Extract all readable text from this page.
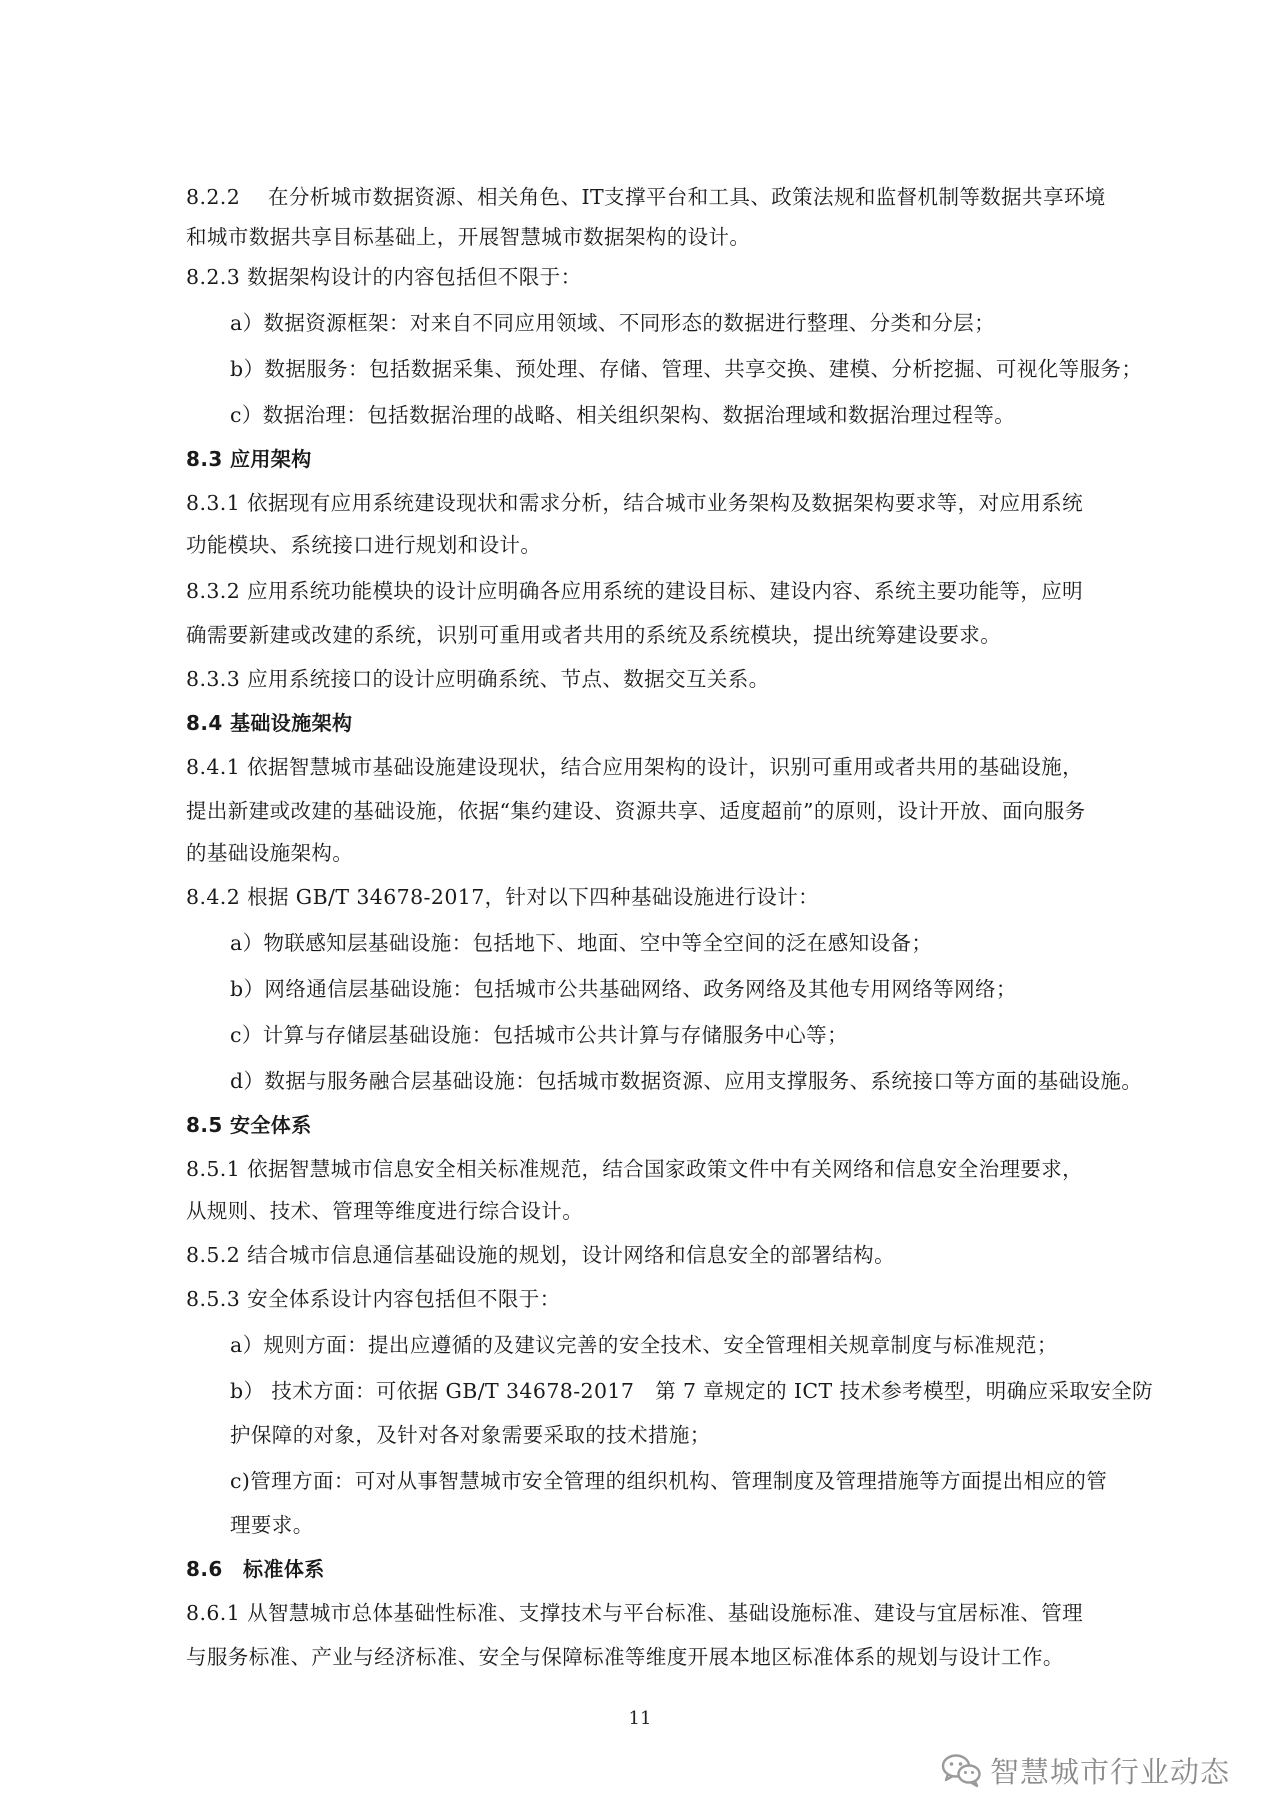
8.2.2　 在分析城市数据资源、相关角色、IT支撑平台和工具、政策法规和监督机制等数据共享环境
和城市数据共享目标基础上，开展智慧城市数据架构的设计。
8.2.3 数据架构设计的内容包括但不限于：
a）数据资源框架：对来自不同应用领域、不同形态的数据进行整理、分类和分层；
b）数据服务：包括数据采集、预处理、存储、管理、共享交换、建模、分析挖掘、可视化等服务；
c）数据治理：包括数据治理的战略、相关组织架构、数据治理域和数据治理过程等。
8.3 应用架构
8.3.1 依据现有应用系统建设现状和需求分析，结合城市业务架构及数据架构要求等，对应用系统
功能模块、系统接口进行规划和设计。
8.3.2 应用系统功能模块的设计应明确各应用系统的建设目标、建设内容、系统主要功能等，应明
确需要新建或改建的系统，识别可重用或者共用的系统及系统模块，提出统筹建设要求。
8.3.3 应用系统接口的设计应明确系统、节点、数据交互关系。
8.4 基础设施架构
8.4.1 依据智慧城市基础设施建设现状，结合应用架构的设计，识别可重用或者共用的基础设施，
提出新建或改建的基础设施，依据“集约建设、资源共享、适度超前”的原则，设计开放、面向服务
的基础设施架构。
8.4.2 根据 GB/T 34678-2017，针对以下四种基础设施进行设计：
a）物联感知层基础设施：包括地下、地面、空中等全空间的泛在感知设备；
b）网络通信层基础设施：包括城市公共基础网络、政务网络及其他专用网络等网络；
c）计算与存储层基础设施：包括城市公共计算与存储服务中心等；
d）数据与服务融合层基础设施：包括城市数据资源、应用支撑服务、系统接口等方面的基础设施。
8.5 安全体系
8.5.1 依据智慧城市信息安全相关标准规范，结合国家政策文件中有关网络和信息安全治理要求，
从规则、技术、管理等维度进行综合设计。
8.5.2 结合城市信息通信基础设施的规划，设计网络和信息安全的部署结构。
8.5.3 安全体系设计内容包括但不限于：
a）规则方面：提出应遵循的及建议完善的安全技术、安全管理相关规章制度与标准规范；
b） 技术方面：可依据 GB/T 34678-2017　第 7 章规定的 ICT 技术参考模型，明确应采取安全防
护保障的对象，及针对各对象需要采取的技术措施；
c)管理方面：可对从事智慧城市安全管理的组织机构、管理制度及管理措施等方面提出相应的管
理要求。
8.6　标准体系
8.6.1 从智慧城市总体基础性标准、支撑技术与平台标准、基础设施标准、建设与宜居标准、管理
与服务标准、产业与经济标准、安全与保障标准等维度开展本地区标准体系的规划与设计工作。
11
智慧城市行业动态
